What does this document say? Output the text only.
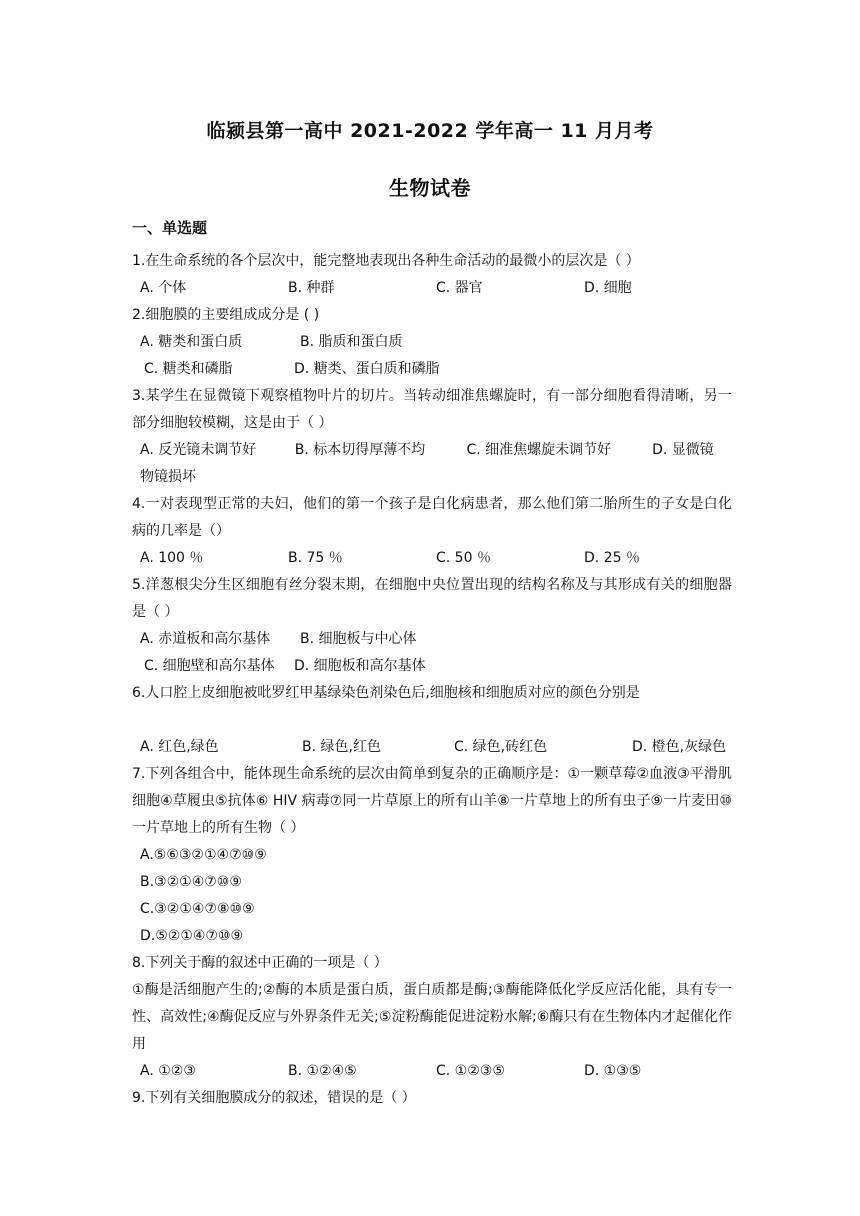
临颍县第一高中 2021-2022 学年高一 11 月月考
生物试卷
一、单选题

1.在生命系统的各个层次中，能完整地表现出各种生命活动的最微小的层次是（ ）

A. 个体	B. 种群	C. 器官	D. 细胞

2.细胞膜的主要组成成分是 ( )

A. 糖类和蛋白质	B. 脂质和蛋白质
C. 糖类和磷脂	D. 糖类、蛋白质和磷脂

3.某学生在显微镜下观察植物叶片的切片。当转动细准焦螺旋时，有一部分细胞看得清晰，另一部分细胞较模糊，这是由于（ ）

A. 反光镜未调节好	B. 标本切得厚薄不均	C. 细准焦螺旋未调节好	D. 显微镜

物镜损坏

4.一对表现型正常的夫妇，他们的第一个孩子是白化病患者，那么他们第二胎所生的子女是白化病的几率是（）

A. 100 ％	B. 75 ％	C. 50 ％	D. 25 ％

5.洋葱根尖分生区细胞有丝分裂末期，在细胞中央位置出现的结构名称及与其形成有关的细胞器是（ ）

A. 赤道板和高尔基体	B. 细胞板与中心体
C. 细胞壁和高尔基体	D. 细胞板和高尔基体

6.人口腔上皮细胞被吡罗红甲基绿染色剂染色后,细胞核和细胞质对应的颜色分别是

A. 红色,绿色	B. 绿色,红色	C. 绿色,砖红色	D. 橙色,灰绿色

7.下列各组合中，能体现生命系统的层次由简单到复杂的正确顺序是：①一颗草莓②血液③平滑肌细胞④草履虫⑤抗体⑥ HIV 病毒⑦同一片草原上的所有山羊⑧一片草地上的所有虫子⑨一片麦田⑩一片草地上的所有生物（ ）

A.⑤⑥③②①④⑦⑩⑨

B.③②①④⑦⑩⑨

C.③②①④⑦⑧⑩⑨

D.⑤②①④⑦⑩⑨

8.下列关于酶的叙述中正确的一项是（ ）

①酶是活细胞产生的;②酶的本质是蛋白质，蛋白质都是酶;③酶能降低化学反应活化能，具有专一性、高效性;④酶促反应与外界条件无关;⑤淀粉酶能促进淀粉水解;⑥酶只有在生物体内才起催化作用

A. ①②③	B. ①②④⑤	C. ①②③⑤	D. ①③⑤

9.下列有关细胞膜成分的叙述，错误的是（ ）
